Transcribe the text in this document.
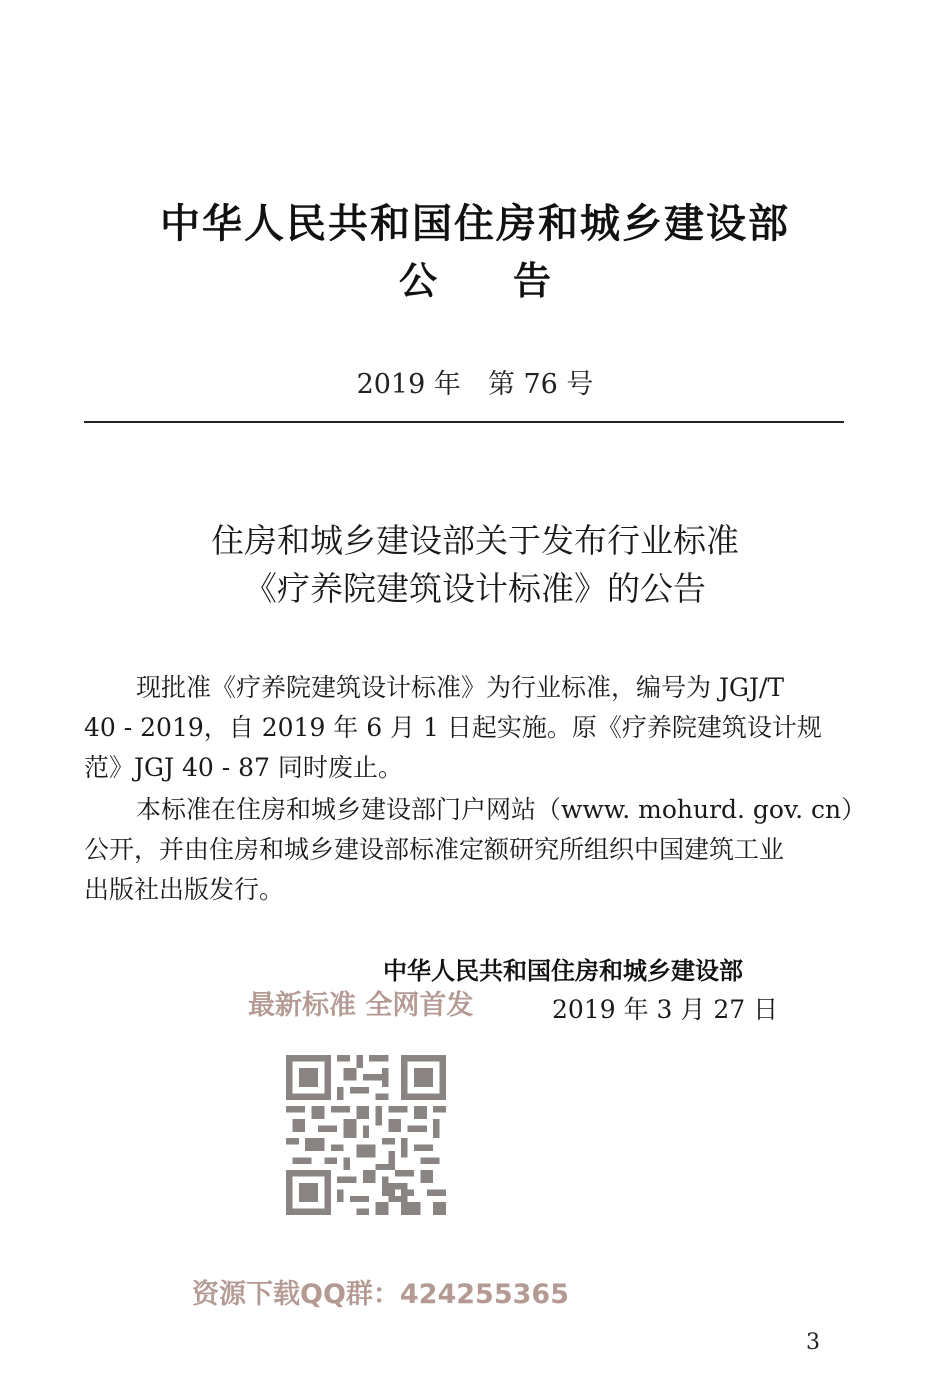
中华人民共和国住房和城乡建设部
公　　告
2019 年　第 76 号
住房和城乡建设部关于发布行业标准
《疗养院建筑设计标准》的公告
现批准《疗养院建筑设计标准》为行业标准，编号为 JGJ/T
40 - 2019，自 2019 年 6 月 1 日起实施。原《疗养院建筑设计规
范》JGJ 40 - 87 同时废止。
本标准在住房和城乡建设部门户网站（www. mohurd. gov. cn）
公开，并由住房和城乡建设部标准定额研究所组织中国建筑工业
出版社出版发行。
中华人民共和国住房和城乡建设部
最新标准 全网首发	2019 年 3 月 27 日
资源下载QQ群：424255365
3
